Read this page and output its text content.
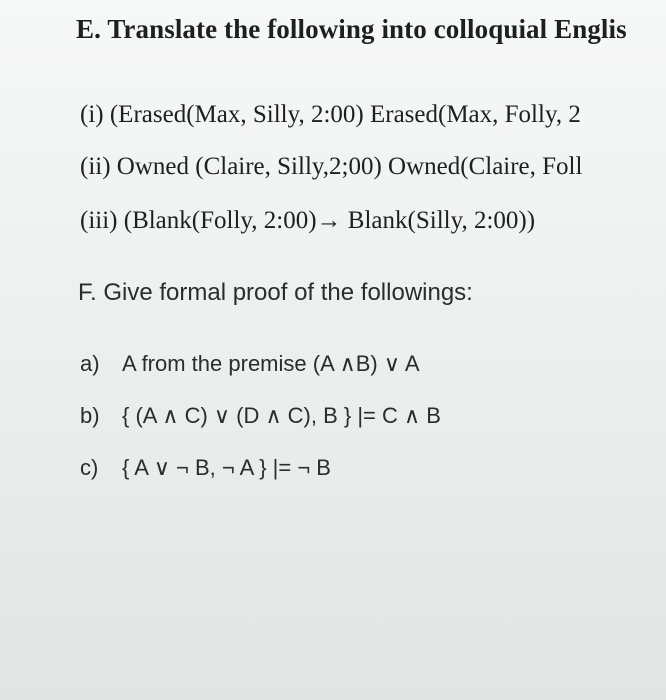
E. Translate the following into colloquial Englis
(i) (Erased(Max, Silly, 2:00) Erased(Max, Folly, 2
(ii) Owned (Claire, Silly,2;00) Owned(Claire, Foll
(iii) (Blank(Folly, 2:00)→ Blank(Silly, 2:00))
F. Give formal proof of the followings:
a) A from the premise (A ∧B) ∨ A
b) { (A ∧ C) ∨ (D ∧ C), B } |= C ∧ B
c) { A ∨ ¬ B, ¬ A } |= ¬ B
